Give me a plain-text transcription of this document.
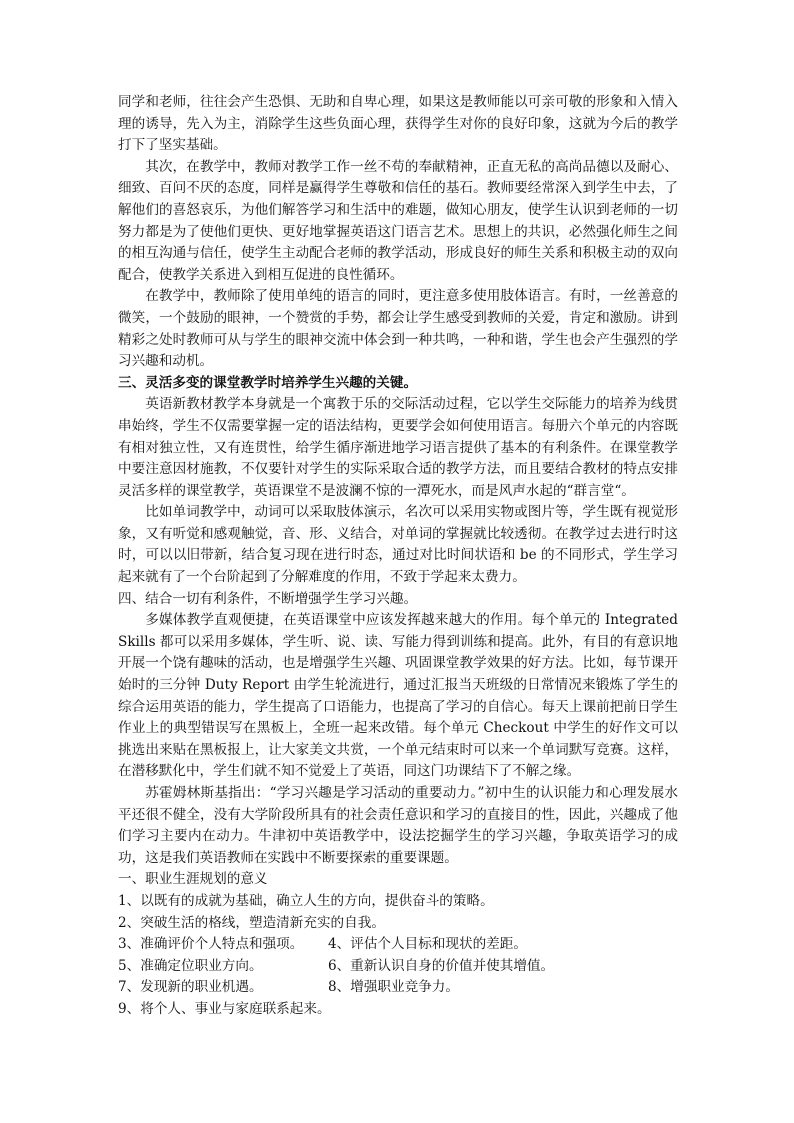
同学和老师，往往会产生恐惧、无助和自卑心理，如果这是教师能以可亲可敬的形象和入情入理的诱导，先入为主，消除学生这些负面心理，获得学生对你的良好印象，这就为今后的教学打下了坚实基础。

其次，在教学中，教师对教学工作一丝不苟的奉献精神，正直无私的高尚品德以及耐心、细致、百问不厌的态度，同样是赢得学生尊敬和信任的基石。教师要经常深入到学生中去，了解他们的喜怒哀乐，为他们解答学习和生活中的难题，做知心朋友，使学生认识到老师的一切努力都是为了使他们更快、更好地掌握英语这门语言艺术。思想上的共识，必然强化师生之间的相互沟通与信任，使学生主动配合老师的教学活动，形成良好的师生关系和积极主动的双向配合，使教学关系进入到相互促进的良性循环。

在教学中，教师除了使用单纯的语言的同时，更注意多使用肢体语言。有时，一丝善意的微笑，一个鼓励的眼神，一个赞赏的手势，都会让学生感受到教师的关爱，肯定和激励。讲到精彩之处时教师可从与学生的眼神交流中体会到一种共鸣，一种和谐，学生也会产生强烈的学习兴趣和动机。

三、灵活多变的课堂教学时培养学生兴趣的关键。

英语新教材教学本身就是一个寓教于乐的交际活动过程，它以学生交际能力的培养为线贯串始终，学生不仅需要掌握一定的语法结构，更要学会如何使用语言。每册六个单元的内容既有相对独立性，又有连贯性，给学生循序渐进地学习语言提供了基本的有利条件。在课堂教学中要注意因材施教，不仅要针对学生的实际采取合适的教学方法，而且要结合教材的特点安排灵活多样的课堂教学，英语课堂不是波澜不惊的一潭死水，而是风声水起的“群言堂“。

比如单词教学中，动词可以采取肢体演示，名次可以采用实物或图片等，学生既有视觉形象，又有听觉和感观触觉，音、形、义结合，对单词的掌握就比较透彻。在教学过去进行时这时，可以以旧带新，结合复习现在进行时态，通过对比时间状语和 be 的不同形式，学生学习起来就有了一个台阶起到了分解难度的作用，不致于学起来太费力。

四、结合一切有利条件，不断增强学生学习兴趣。

多媒体教学直观便捷，在英语课堂中应该发挥越来越大的作用。每个单元的 Integrated Skills 都可以采用多媒体，学生听、说、读、写能力得到训练和提高。此外，有目的有意识地开展一个饶有趣味的活动，也是增强学生兴趣、巩固课堂教学效果的好方法。比如，每节课开始时的三分钟 Duty Report 由学生轮流进行，通过汇报当天班级的日常情况来锻炼了学生的综合运用英语的能力，学生提高了口语能力，也提高了学习的自信心。每天上课前把前日学生作业上的典型错误写在黑板上，全班一起来改错。每个单元 Checkout 中学生的好作文可以挑选出来贴在黑板报上，让大家美文共赏，一个单元结束时可以来一个单词默写竞赛。这样，在潜移默化中，学生们就不知不觉爱上了英语，同这门功课结下了不解之缘。

苏霍姆林斯基指出：“学习兴趣是学习活动的重要动力。”初中生的认识能力和心理发展水平还很不健全，没有大学阶段所具有的社会责任意识和学习的直接目的性，因此，兴趣成了他们学习主要内在动力。牛津初中英语教学中，设法挖掘学生的学习兴趣，争取英语学习的成功，这是我们英语教师在实践中不断要探索的重要课题。

一、职业生涯规划的意义

1、以既有的成就为基础，确立人生的方向，提供奋斗的策略。

2、突破生活的格线，塑造清新充实的自我。

3、准确评价个人特点和强项。	4、评估个人目标和现状的差距。
5、准确定位职业方向。	6、重新认识自身的价值并使其增值。
7、发现新的职业机遇。	8、增强职业竞争力。

9、将个人、事业与家庭联系起来。
